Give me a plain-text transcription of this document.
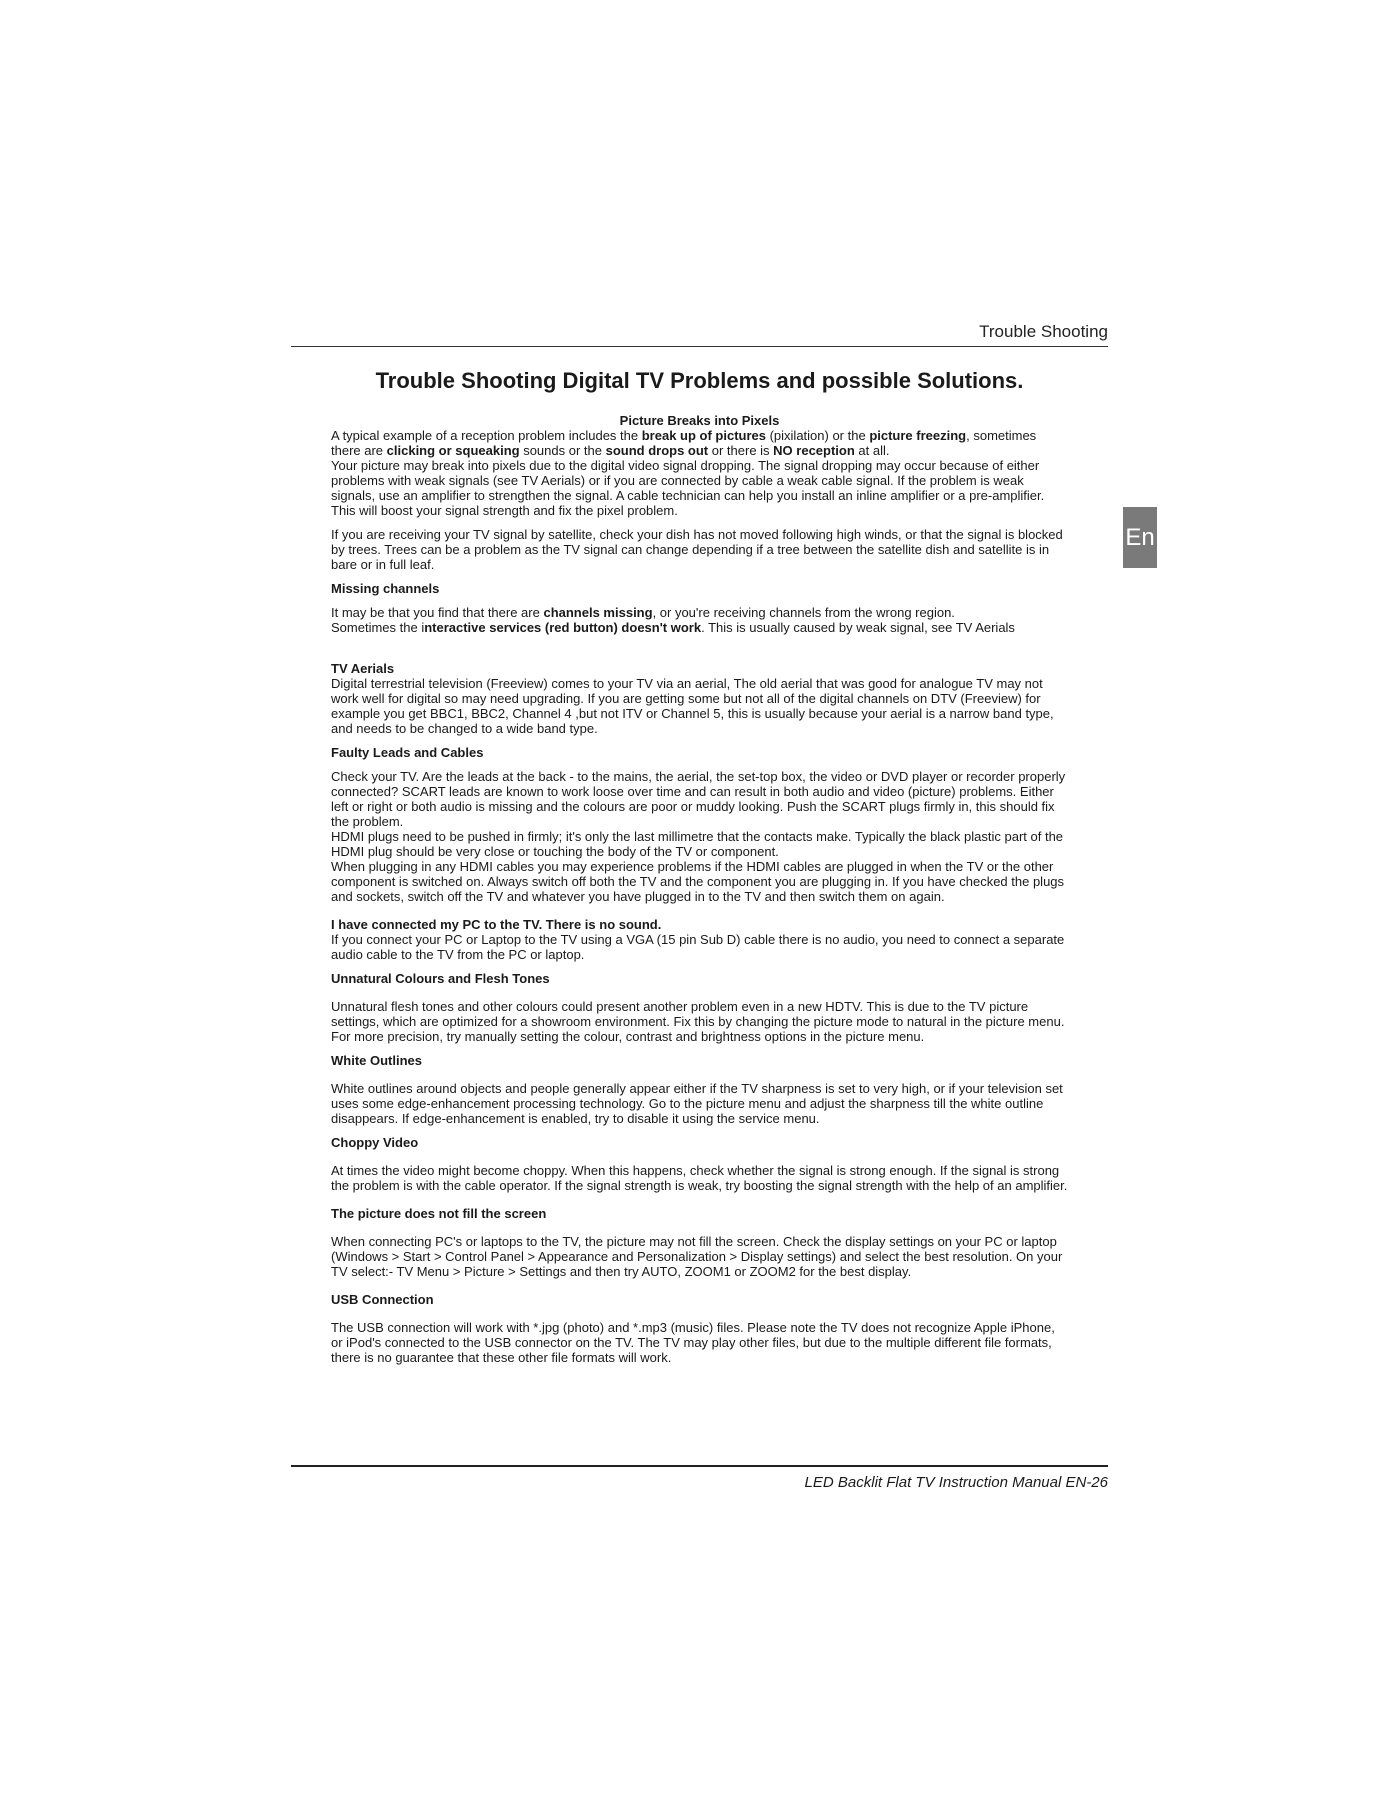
Trouble Shooting
En
Trouble Shooting Digital TV Problems and possible Solutions.

Picture Breaks into Pixels

A typical example of a reception problem includes the break up of pictures (pixilation) or the picture freezing, sometimes there are clicking or squeaking sounds or the sound drops out or there is NO reception at all.

Your picture may break into pixels due to the digital video signal dropping. The signal dropping may occur because of either problems with weak signals (see TV Aerials) or if you are connected by cable a weak cable signal. If the problem is weak signals, use an amplifier to strengthen the signal. A cable technician can help you install an inline amplifier or a pre-amplifier. This will boost your signal strength and fix the pixel problem.

If you are receiving your TV signal by satellite, check your dish has not moved following high winds, or that the signal is blocked by trees. Trees can be a problem as the TV signal can change depending if a tree between the satellite dish and satellite is in bare or in full leaf.

Missing channels

It may be that you find that there are channels missing, or you're receiving channels from the wrong region.

Sometimes the interactive services (red button) doesn't work. This is usually caused by weak signal, see TV Aerials

TV Aerials

Digital terrestrial television (Freeview) comes to your TV via an aerial, The old aerial that was good for analogue TV may not work well for digital so may need upgrading. If you are getting some but not all of the digital channels on DTV (Freeview) for example you get BBC1, BBC2, Channel 4 ,but not ITV or Channel 5, this is usually because your aerial is a narrow band type, and needs to be changed to a wide band type.

Faulty Leads and Cables

Check your TV. Are the leads at the back - to the mains, the aerial, the set-top box, the video or DVD player or recorder properly connected? SCART leads are known to work loose over time and can result in both audio and video (picture) problems. Either left or right or both audio is missing and the colours are poor or muddy looking. Push the SCART plugs firmly in, this should fix the problem.

HDMI plugs need to be pushed in firmly; it's only the last millimetre that the contacts make. Typically the black plastic part of the HDMI plug should be very close or touching the body of the TV or component.

When plugging in any HDMI cables you may experience problems if the HDMI cables are plugged in when the TV or the other component is switched on. Always switch off both the TV and the component you are plugging in. If you have checked the plugs and sockets, switch off the TV and whatever you have plugged in to the TV and then switch them on again.

I have connected my PC to the TV. There is no sound.

If you connect your PC or Laptop to the TV using a VGA (15 pin Sub D) cable there is no audio, you need to connect a separate audio cable to the TV from the PC or laptop.

Unnatural Colours and Flesh Tones

Unnatural flesh tones and other colours could present another problem even in a new HDTV. This is due to the TV picture settings, which are optimized for a showroom environment. Fix this by changing the picture mode to natural in the picture menu. For more precision, try manually setting the colour, contrast and brightness options in the picture menu.

White Outlines

White outlines around objects and people generally appear either if the TV sharpness is set to very high, or if your television set uses some edge-enhancement processing technology. Go to the picture menu and adjust the sharpness till the white outline disappears. If edge-enhancement is enabled, try to disable it using the service menu.

Choppy Video

At times the video might become choppy. When this happens, check whether the signal is strong enough. If the signal is strong the problem is with the cable operator. If the signal strength is weak, try boosting the signal strength with the help of an amplifier.

The picture does not fill the screen

When connecting PC's or laptops to the TV, the picture may not fill the screen. Check the display settings on your PC or laptop (Windows > Start > Control Panel > Appearance and Personalization > Display settings) and select the best resolution. On your TV select:- TV Menu > Picture > Settings and then try AUTO, ZOOM1 or ZOOM2 for the best display.

USB Connection

The USB connection will work with *.jpg (photo) and *.mp3 (music) files. Please note the TV does not recognize Apple iPhone, or iPod's connected to the USB connector on the TV. The TV may play other files, but due to the multiple different file formats, there is no guarantee that these other file formats will work.

LED Backlit Flat TV Instruction Manual EN-26
